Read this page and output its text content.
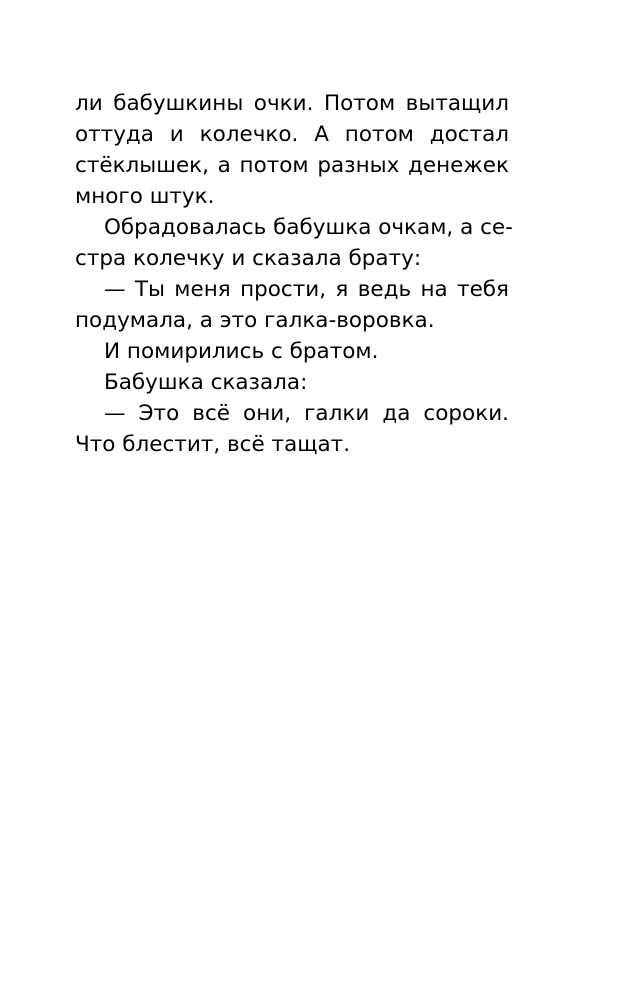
ли бабушкины очки. Потом вытащил
оттуда и колечко. А потом достал
стёклышек, а потом разных денежек
много штук.
Обрадовалась бабушка очкам, а се-
стра колечку и сказала брату:
— Ты меня прости, я ведь на тебя
подумала, а это галка-воровка.
И помирились с братом.
Бабушка сказала:
— Это всё они, галки да сороки.
Что блестит, всё тащат.
